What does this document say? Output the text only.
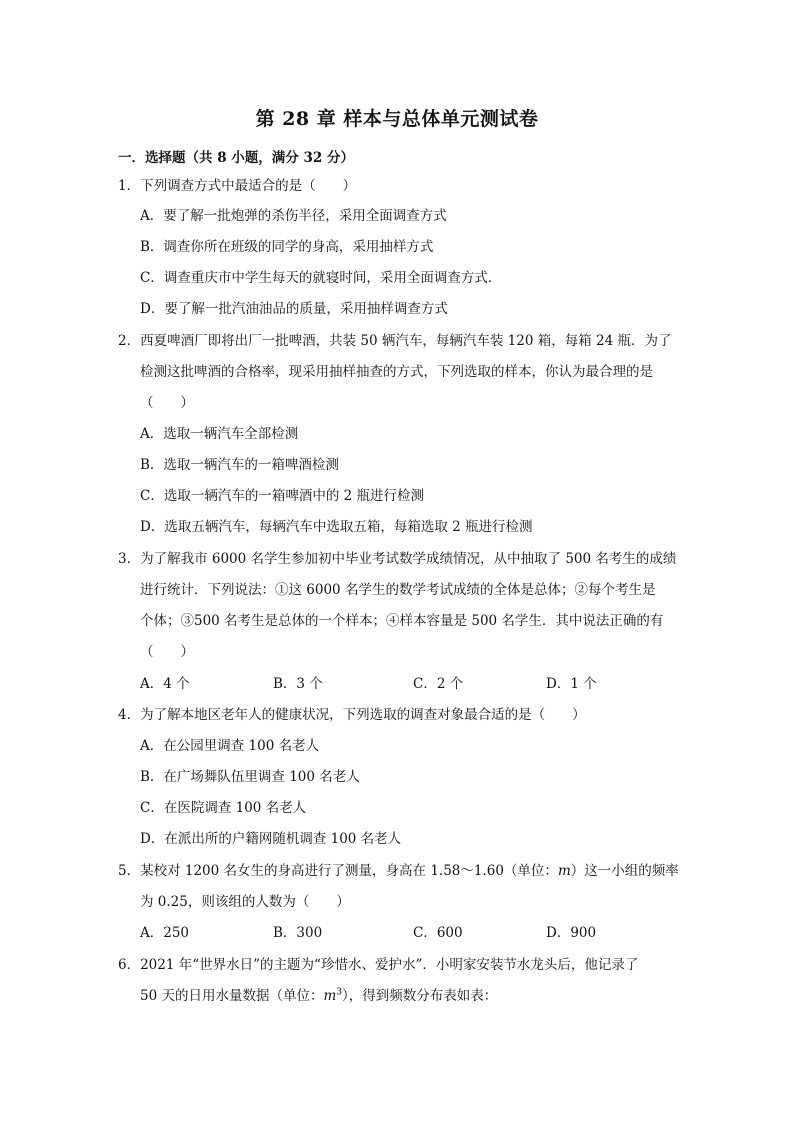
第 28 章 样本与总体单元测试卷
一．选择题（共 8 小题，满分 32 分）
1．下列调查方式中最适合的是（　　）
A．要了解一批炮弹的杀伤半径，采用全面调查方式
B．调查你所在班级的同学的身高，采用抽样方式
C．调查重庆市中学生每天的就寝时间，采用全面调查方式．
D．要了解一批汽油油品的质量，采用抽样调查方式
2．西夏啤酒厂即将出厂一批啤酒，共装 50 辆汽车，每辆汽车装 120 箱，每箱 24 瓶．为了
检测这批啤酒的合格率，现采用抽样抽查的方式，下列选取的样本，你认为最合理的是
（　　）
A．选取一辆汽车全部检测
B．选取一辆汽车的一箱啤酒检测
C．选取一辆汽车的一箱啤酒中的 2 瓶进行检测
D．选取五辆汽车，每辆汽车中选取五箱，每箱选取 2 瓶进行检测
3．为了解我市 6000 名学生参加初中毕业考试数学成绩情况，从中抽取了 500 名考生的成绩
进行统计．下列说法：①这 6000 名学生的数学考试成绩的全体是总体；②每个考生是
个体；③500 名考生是总体的一个样本；④样本容量是 500 名学生．其中说法正确的有
（　　）
A．4 个	B．3 个	C．2 个	D．1 个
4．为了解本地区老年人的健康状况，下列选取的调查对象最合适的是（　　）
A．在公园里调查 100 名老人
B．在广场舞队伍里调查 100 名老人
C．在医院调查 100 名老人
D．在派出所的户籍网随机调查 100 名老人
5．某校对 1200 名女生的身高进行了测量，身高在 1.58～1.60（单位：m）这一小组的频率
为 0.25，则该组的人数为（　　）
A．250	B．300	C．600	D．900
6．2021 年“世界水日”的主题为“珍惜水、爱护水”．小明家安装节水龙头后，他记录了
50 天的日用水量数据（单位：$m^3$），得到频数分布表如表：
